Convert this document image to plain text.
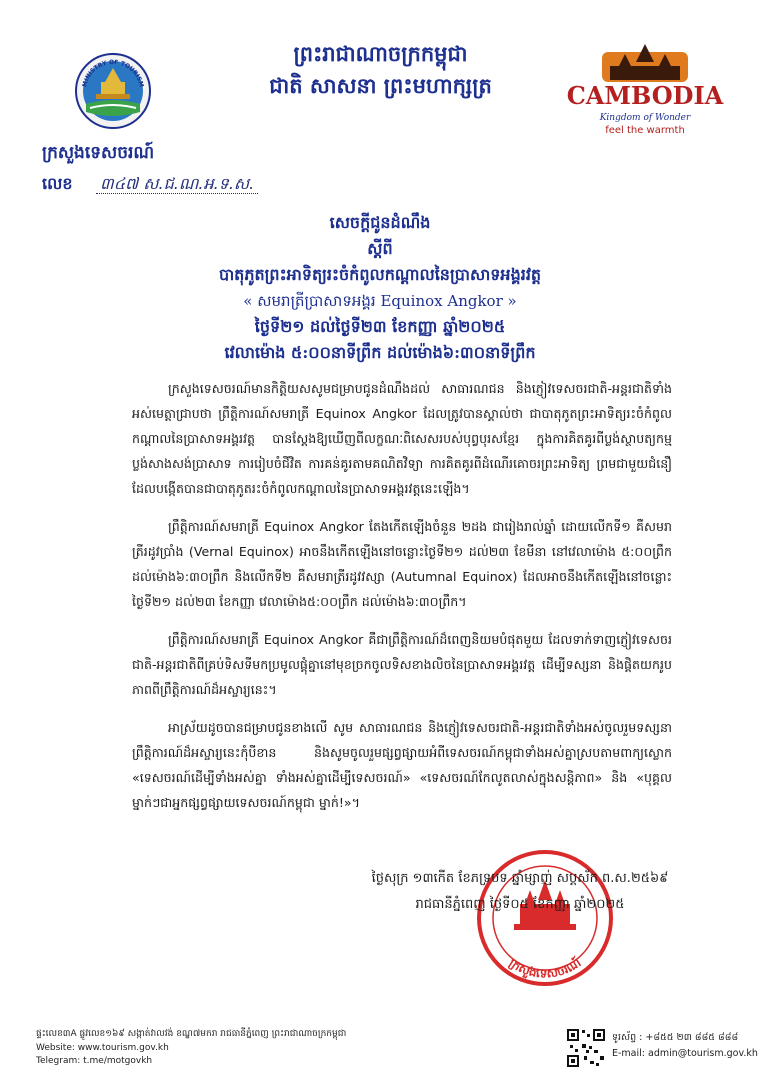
ព្រះរាជាណាចក្រកម្ពុជា
ជាតិ សាសនា ព្រះមហាក្សត្រ
MINISTRY OF TOURISM	CAMBODIA
Kingdom of Wonder
feel the warmth
ក្រសួងទេសចរណ៍
លេខ ៣៤៧ ស.ជ.ណ.អ.ទ.ស.
សេចក្តីជូនដំណឹង
ស្តីពី
បាតុភូតព្រះអាទិត្យរះចំកំពូលកណ្តាលនៃប្រាសាទអង្គរវត្ត
« សមរាត្រីប្រាសាទអង្គរ Equinox Angkor »
ថ្ងៃទី២១ ដល់ថ្ងៃទី២៣ ខែកញ្ញា ឆ្នាំ២០២៥
វេលាម៉ោង ៥:០០នាទីព្រឹក ដល់ម៉ោង៦:៣០នាទីព្រឹក

ក្រសួងទេសចរណ៍មានកិត្តិយសសូមជម្រាបជូនដំណឹងដល់ សាធារណជន និងភ្ញៀវទេសចរជាតិ-អន្តរជាតិទាំងអស់មេត្តាជ្រាបថា ព្រឹត្តិការណ៍សមរាត្រី Equinox Angkor ដែលត្រូវបានស្គាល់ថា ជាបាតុភូតព្រះអាទិត្យរះចំកំពូលកណ្តាលនៃប្រាសាទអង្គរវត្ត បានស្តែងឱ្យឃើញពីលក្ខណៈពិសេសរបស់បុព្វបុរសខ្មែរ ក្នុងការគិតគូរពីប្លង់ស្ថាបត្យកម្ម ប្លង់សាងសង់ប្រាសាទ ការរៀបចំជីវិត ការគន់គូរតាមគណិតវិទ្យា ការគិតគូរពីដំណើរគោចរព្រះអាទិត្យ ព្រមជាមួយជំនឿ ដែលបង្កើតបានជាបាតុភូតរះចំកំពូលកណ្តាលនៃប្រាសាទអង្គរវត្តនេះឡើង។

ព្រឹត្តិការណ៍សមរាត្រី Equinox Angkor តែងកើតឡើងចំនួន ២ដង ជារៀងរាល់ឆ្នាំ ដោយលើកទី១ គឺសមរាត្រីរដូវប្រាំង (Vernal Equinox) អាចនឹងកើតឡើងនៅចន្លោះថ្ងៃទី២១ ដល់២៣ ខែមីនា នៅវេលាម៉ោង ៥:០០ព្រឹក ដល់ម៉ោង៦:៣០ព្រឹក និងលើកទី២ គឺសមរាត្រីរដូវវស្សា (Autumnal Equinox) ដែលអាចនឹងកើតឡើងនៅចន្លោះថ្ងៃទី២១ ដល់២៣ ខែកញ្ញា វេលាម៉ោង៥:០០ព្រឹក ដល់ម៉ោង៦:៣០ព្រឹក។

ព្រឹត្តិការណ៍សមរាត្រី Equinox Angkor គឺជាព្រឹត្តិការណ៍ដ៏ពេញនិយមបំផុតមួយ ដែលទាក់ទាញភ្ញៀវទេសចរជាតិ-អន្តរជាតិពីគ្រប់ទិសទីមកប្រមូលផ្តុំគ្នានៅមុខច្រកចូលទិសខាងលិចនៃប្រាសាទអង្គរវត្ត ដើម្បីទស្សនា និងផ្តិតយករូបភាពពីព្រឹត្តិការណ៍ដ៏អស្ចារ្យនេះ។

អាស្រ័យដូចបានជម្រាបជូនខាងលើ សូម សាធារណជន និងភ្ញៀវទេសចរជាតិ-អន្តរជាតិទាំងអស់ចូលរួមទស្សនាព្រឹត្តិការណ៍ដ៏អស្ចារ្យនេះកុំបីខាន និងសូមចូលរួមផ្សព្វផ្សាយអំពីទេសចរណ៍កម្ពុជាទាំងអស់គ្នាស្របតាមពាក្យស្លោក «ទេសចរណ៍ដើម្បីទាំងអស់គ្នា ទាំងអស់គ្នាដើម្បីទេសចរណ៍» «ទេសចរណ៍កែលូតលាស់ក្នុងសន្តិភាព» និង «បុគ្គលម្នាក់ៗជាអ្នកផ្សព្វផ្សាយទេសចរណ៍កម្ពុជា ម្នាក់!»។

ក្រសួងទេសចរណ៍
ថ្ងៃសុក្រ ១៣កើត ខែភទ្របទ ឆ្នាំម្សាញ់ សប្តស័ក ព.ស.២៥៦៩
រាជធានីភ្នំពេញ ថ្ងៃទី០៥ ខែកញ្ញា ឆ្នាំ២០២៥
ផ្ទះលេខ៣A ផ្លូវលេខ១៦៩ សង្កាត់វាលវង់ ខណ្ឌ៧មករា រាជធានីភ្នំពេញ ព្រះរាជាណាចក្រកម្ពុជា
Website: www.tourism.gov.kh
Telegram: t.me/motgovkh
ទូរស័ព្ទ : +៨៥៥ ២៣ ៨៨៥ ៨៨៨
E-mail: admin@tourism.gov.kh
